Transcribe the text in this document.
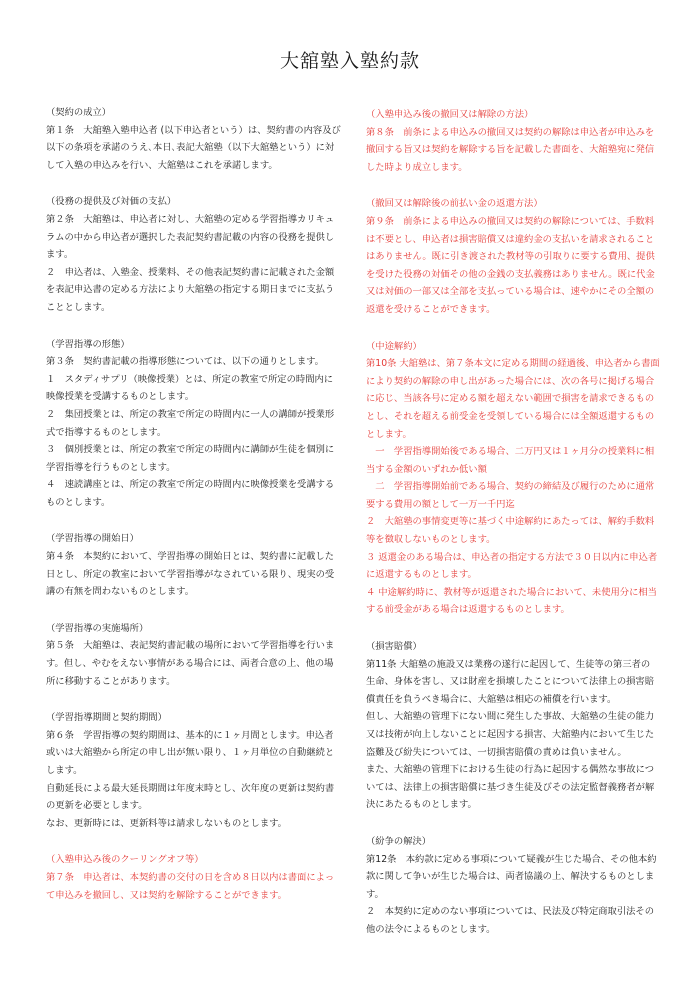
大舘塾入塾約款
（契約の成立）
第１条　大舘塾入塾申込者 (以下申込者という）は、契約書の内容及び
以下の条項を承諾のうえ､本日､表記大舘塾（以下大舘塾という）に対
して入塾の申込みを行い、大舘塾はこれを承諾します。
（役務の提供及び対価の支払）
第２条　大舘塾は、申込者に対し、大舘塾の定める学習指導カリキュ
ラムの中から申込者が選択した表記契約書記載の内容の役務を提供し
ます。
２　申込者は、入塾金、授業料、その他表記契約書に記載された金額
を表記申込書の定める方法により大舘塾の指定する期日までに支払う
こととします。
（学習指導の形態）
第３条　契約書記載の指導形態については、以下の通りとします。
１　スタディサプリ（映像授業）とは、所定の教室で所定の時間内に
映像授業を受講するものとします。
２　集団授業とは、所定の教室で所定の時間内に一人の講師が授業形
式で指導するものとします。
３　個別授業とは、所定の教室で所定の時間内に講師が生徒を個別に
学習指導を行うものとします。
４　速読講座とは、所定の教室で所定の時間内に映像授業を受講する
ものとします。
（学習指導の開始日）
第４条　本契約において、学習指導の開始日とは、契約書に記載した
日とし、所定の教室において学習指導がなされている限り、現実の受
講の有無を問わないものとします。
（学習指導の実施場所）
第５条　大舘塾は、表記契約書記載の場所において学習指導を行いま
す。但し、やむをえない事情がある場合には、両者合意の上、他の場
所に移動することがあります。
（学習指導期間と契約期間）
第６条　学習指導の契約期間は、基本的に１ヶ月間とします。申込者
或いは大舘塾から所定の申し出が無い限り、１ヶ月単位の自動継続と
します。
自動延長による最大延長期間は年度末時とし、次年度の更新は契約書
の更新を必要とします。
なお、更新時には、更新料等は請求しないものとします。
（入塾申込み後のクーリングオフ等）
第７条　申込者は、本契約書の交付の日を含め８日以内は書面によっ
て申込みを撤回し、又は契約を解除することができます。
（入塾申込み後の撤回又は解除の方法）
第８条　前条による申込みの撤回又は契約の解除は申込者が申込みを
撤回する旨又は契約を解除する旨を記載した書面を、大舘塾宛に発信
した時より成立します。
（撤回又は解除後の前払い金の返還方法）
第９条　前条による申込みの撤回又は契約の解除については、手数料
は不要とし、申込者は損害賠償又は違約金の支払いを請求されること
はありません。既に引き渡された教材等の引取りに要する費用、提供
を受けた役務の対価その他の金銭の支払義務はありません。既に代金
又は対価の一部又は全部を支払っている場合は、速やかにその全額の
返還を受けることができます。
（中途解約）
第10条 大舘塾は、第７条本文に定める期間の経過後、申込者から書面
により契約の解除の申し出があった場合には、次の各号に掲げる場合
に応じ、当該各号に定める額を超えない範囲で損害を請求できるもの
とし、それを超える前受金を受領している場合には全額返還するもの
とします。
　一　学習指導開始後である場合、二万円又は１ヶ月分の授業料に相
当する金額のいずれか低い額
　二　学習指導開始前である場合、契約の締結及び履行のために通常
要する費用の額として一万一千円迄
２　大舘塾の事情変更等に基づく中途解約にあたっては、解約手数料
等を徴収しないものとします。
３ 返還金のある場合は、申込者の指定する方法で３０日以内に申込者
に返還するものとします。
４ 中途解約時に、教材等が返還された場合において、未使用分に相当
する前受金がある場合は返還するものとします。
（損害賠償）
第11条 大舘塾の施設又は業務の遂行に起因して、生徒等の第三者の
生命、身体を害し、又は財産を損壊したことについて法律上の損害賠
償責任を負うべき場合に、大舘塾は相応の補償を行います。
但し、大舘塾の管理下にない間に発生した事故、大舘塾の生徒の能力
又は技術が向上しないことに起因する損害、大舘塾内において生じた
盗難及び紛失については、一切損害賠償の責めは負いません。
また、大舘塾の管理下における生徒の行為に起因する偶然な事故につ
いては、法律上の損害賠償に基づき生徒及びその法定監督義務者が解
決にあたるものとします。
（紛争の解決）
第12条　本約款に定める事項について疑義が生じた場合、その他本約
款に関して争いが生じた場合は、両者協議の上、解決するものとしま
す。
２　本契約に定めのない事項については、民法及び特定商取引法その
他の法令によるものとします。
